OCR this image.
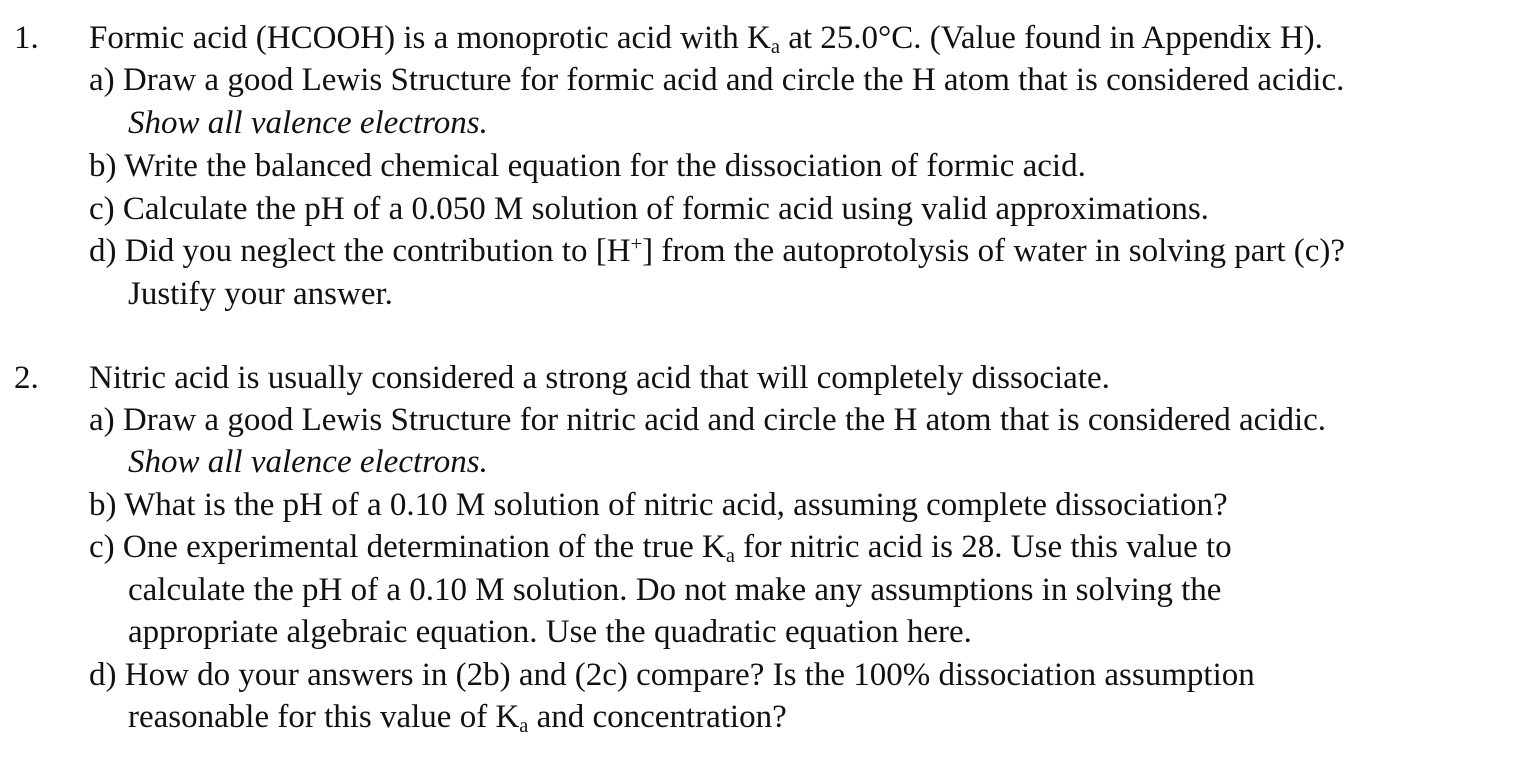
1. Formic acid (HCOOH) is a monoprotic acid with $K_a$ at 25.0°C. (Value found in Appendix H).
a) Draw a good Lewis Structure for formic acid and circle the H atom that is considered acidic.
Show all valence electrons.
b) Write the balanced chemical equation for the dissociation of formic acid.
c) Calculate the pH of a 0.050 M solution of formic acid using valid approximations.
d) Did you neglect the contribution to [H+] from the autoprotolysis of water in solving part (c)?
Justify your answer.
2. Nitric acid is usually considered a strong acid that will completely dissociate.
a) Draw a good Lewis Structure for nitric acid and circle the H atom that is considered acidic.
Show all valence electrons.
b) What is the pH of a 0.10 M solution of nitric acid, assuming complete dissociation?
c) One experimental determination of the true $K_a$ for nitric acid is 28. Use this value to
calculate the pH of a 0.10 M solution. Do not make any assumptions in solving the
appropriate algebraic equation. Use the quadratic equation here.
d) How do your answers in (2b) and (2c) compare? Is the 100% dissociation assumption
reasonable for this value of $K_a$ and concentration?
